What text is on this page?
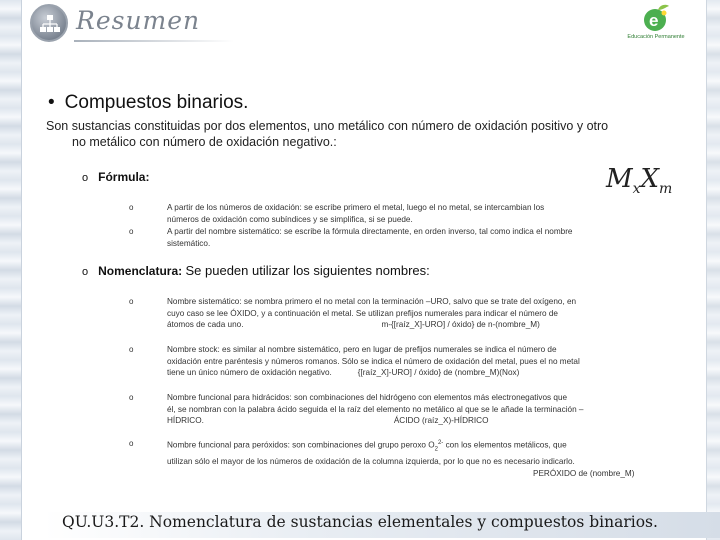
Resumen	e
Educación Permanente
• Compuestos binarios.
Son sustancias constituidas por dos elementos, uno metálico con número de oxidación positivo y otro
no metálico con número de oxidación negativo.:
o Fórmula:	$M_xX_m$
o	A partir de los números de oxidación: se escribe primero el metal, luego el no metal, se intercambian los
números de oxidación como subíndices y se simplifica, si se puede.
o	A partir del nombre sistemático: se escribe la fórmula directamente, en orden inverso, tal como indica el nombre
sistemático.
o Nomenclatura: Se pueden utilizar los siguientes nombres:
o	Nombre sistemático: se nombra primero el no metal con la terminación –URO, salvo que se trate del oxígeno, en
cuyo caso se lee ÓXIDO, y a continuación el metal. Se utilizan prefijos numerales para indicar el número de
átomos de cada uno.	m-{[raíz_X]-URO] / óxido} de n-(nombre_M)
o	Nombre stock: es similar al nombre sistemático, pero en lugar de prefijos numerales se indica el número de
oxidación entre paréntesis y números romanos. Sólo se indica el número de oxidación del metal, pues el no metal
tiene un único número de oxidación negativo.	{[raíz_X]-URO] / óxido} de (nombre_M)(Nox)
o	Nombre funcional para hidrácidos: son combinaciones del hidrógeno con elementos más electronegativos que
él, se nombran con la palabra ácido seguida el la raíz del elemento no metálico al que se le añade la terminación –
HÍDRICO.	ÁCIDO (raíz_X)-HÍDRICO
o	Nombre funcional para peróxidos: son combinaciones del grupo peroxo $O_2^{2-}$ con los elementos metálicos, que
utilizan sólo el mayor de los números de oxidación de la columna izquierda, por lo que no es necesario indicarlo.
PERÓXIDO de (nombre_M)
QU.U3.T2. Nomenclatura de sustancias elementales y compuestos binarios.
